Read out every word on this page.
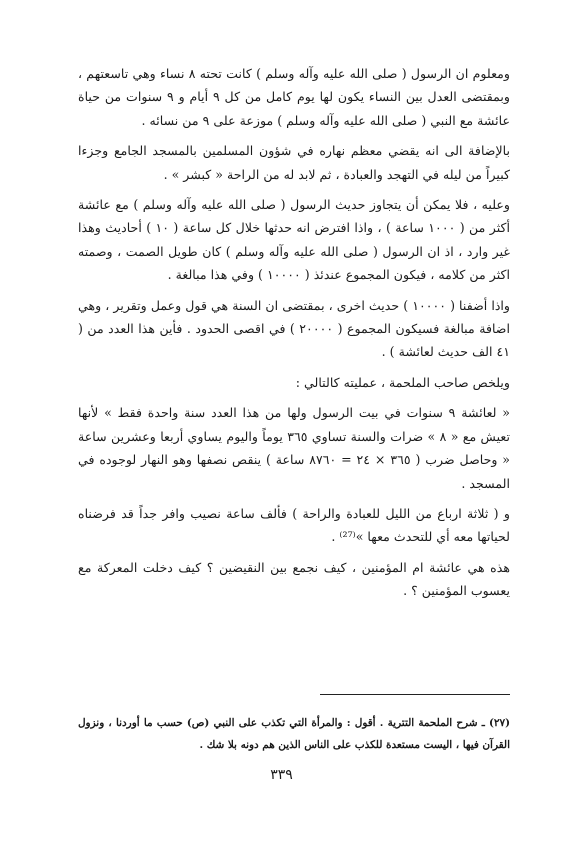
ومعلوم ان الرسول ( صلى الله عليه وآله وسلم ) كانت تحته ٨ نساء وهي تاسعتهم ، وبمقتضى العدل بين النساء يكون لها يوم كامل من كل ٩ أيام و ٩ سنوات من حياة عائشة مع النبي ( صلى الله عليه وآله وسلم ) موزعة على ٩ من نسائه .

بالإضافة الى انه يقضي معظم نهاره في شؤون المسلمين بالمسجد الجامع وجزءا كبيراً من ليله في التهجد والعبادة ، ثم لابد له من الراحة « كبشر » .

وعليه ، فلا يمكن أن يتجاوز حديث الرسول ( صلى الله عليه وآله وسلم ) مع عائشة أكثر من ( ١٠٠٠ ساعة ) ، واذا افترض انه حدثها خلال كل ساعة ( ١٠ ) أحاديث وهذا غير وارد ، اذ ان الرسول ( صلى الله عليه وآله وسلم ) كان طويل الصمت ، وصمته اكثر من كلامه ، فيكون المجموع عندئذ ( ١٠٠٠٠ ) وفي هذا مبالغة .

واذا أضفنا ( ١٠٠٠٠ ) حديث اخرى ، بمقتضى ان السنة هي قول وعمل وتقرير ، وهي اضافة مبالغة فسيكون المجموع ( ٢٠٠٠٠ ) في اقصى الحدود . فأين هذا العدد من ( ٤١ الف حديث لعائشة ) .

ويلخص صاحب الملحمة ، عمليته كالتالي :

« لعائشة ٩ سنوات في بيت الرسول ولها من هذا العدد سنة واحدة فقط » لأنها تعيش مع « ٨ » ضرات والسنة تساوي ٣٦٥ يوماً واليوم يساوي أربعا وعشرين ساعة « وحاصل ضرب ( ٣٦٥ × ٢٤ = ٨٧٦٠ ساعة ) ينقص نصفها وهو النهار لوجوده في المسجد .

و ( ثلاثة ارباع من الليل للعبادة والراحة ) فألف ساعة نصيب وافر جداً قد فرضناه لحياتها معه أي للتحدث معها »⁽²⁷⁾ .

هذه هي عائشة ام المؤمنين ، كيف نجمع بين النقيضين ؟ كيف دخلت المعركة مع يعسوب المؤمنين ؟ .

(٢٧) ـ شرح الملحمة التترية . أقول : والمرأة التي تكذب على النبي (ص) حسب ما أوردنا ، ونزول القرآن فيها ، اليست مستعدة للكذب على الناس الذين هم دونه بلا شك .

٣٣٩
